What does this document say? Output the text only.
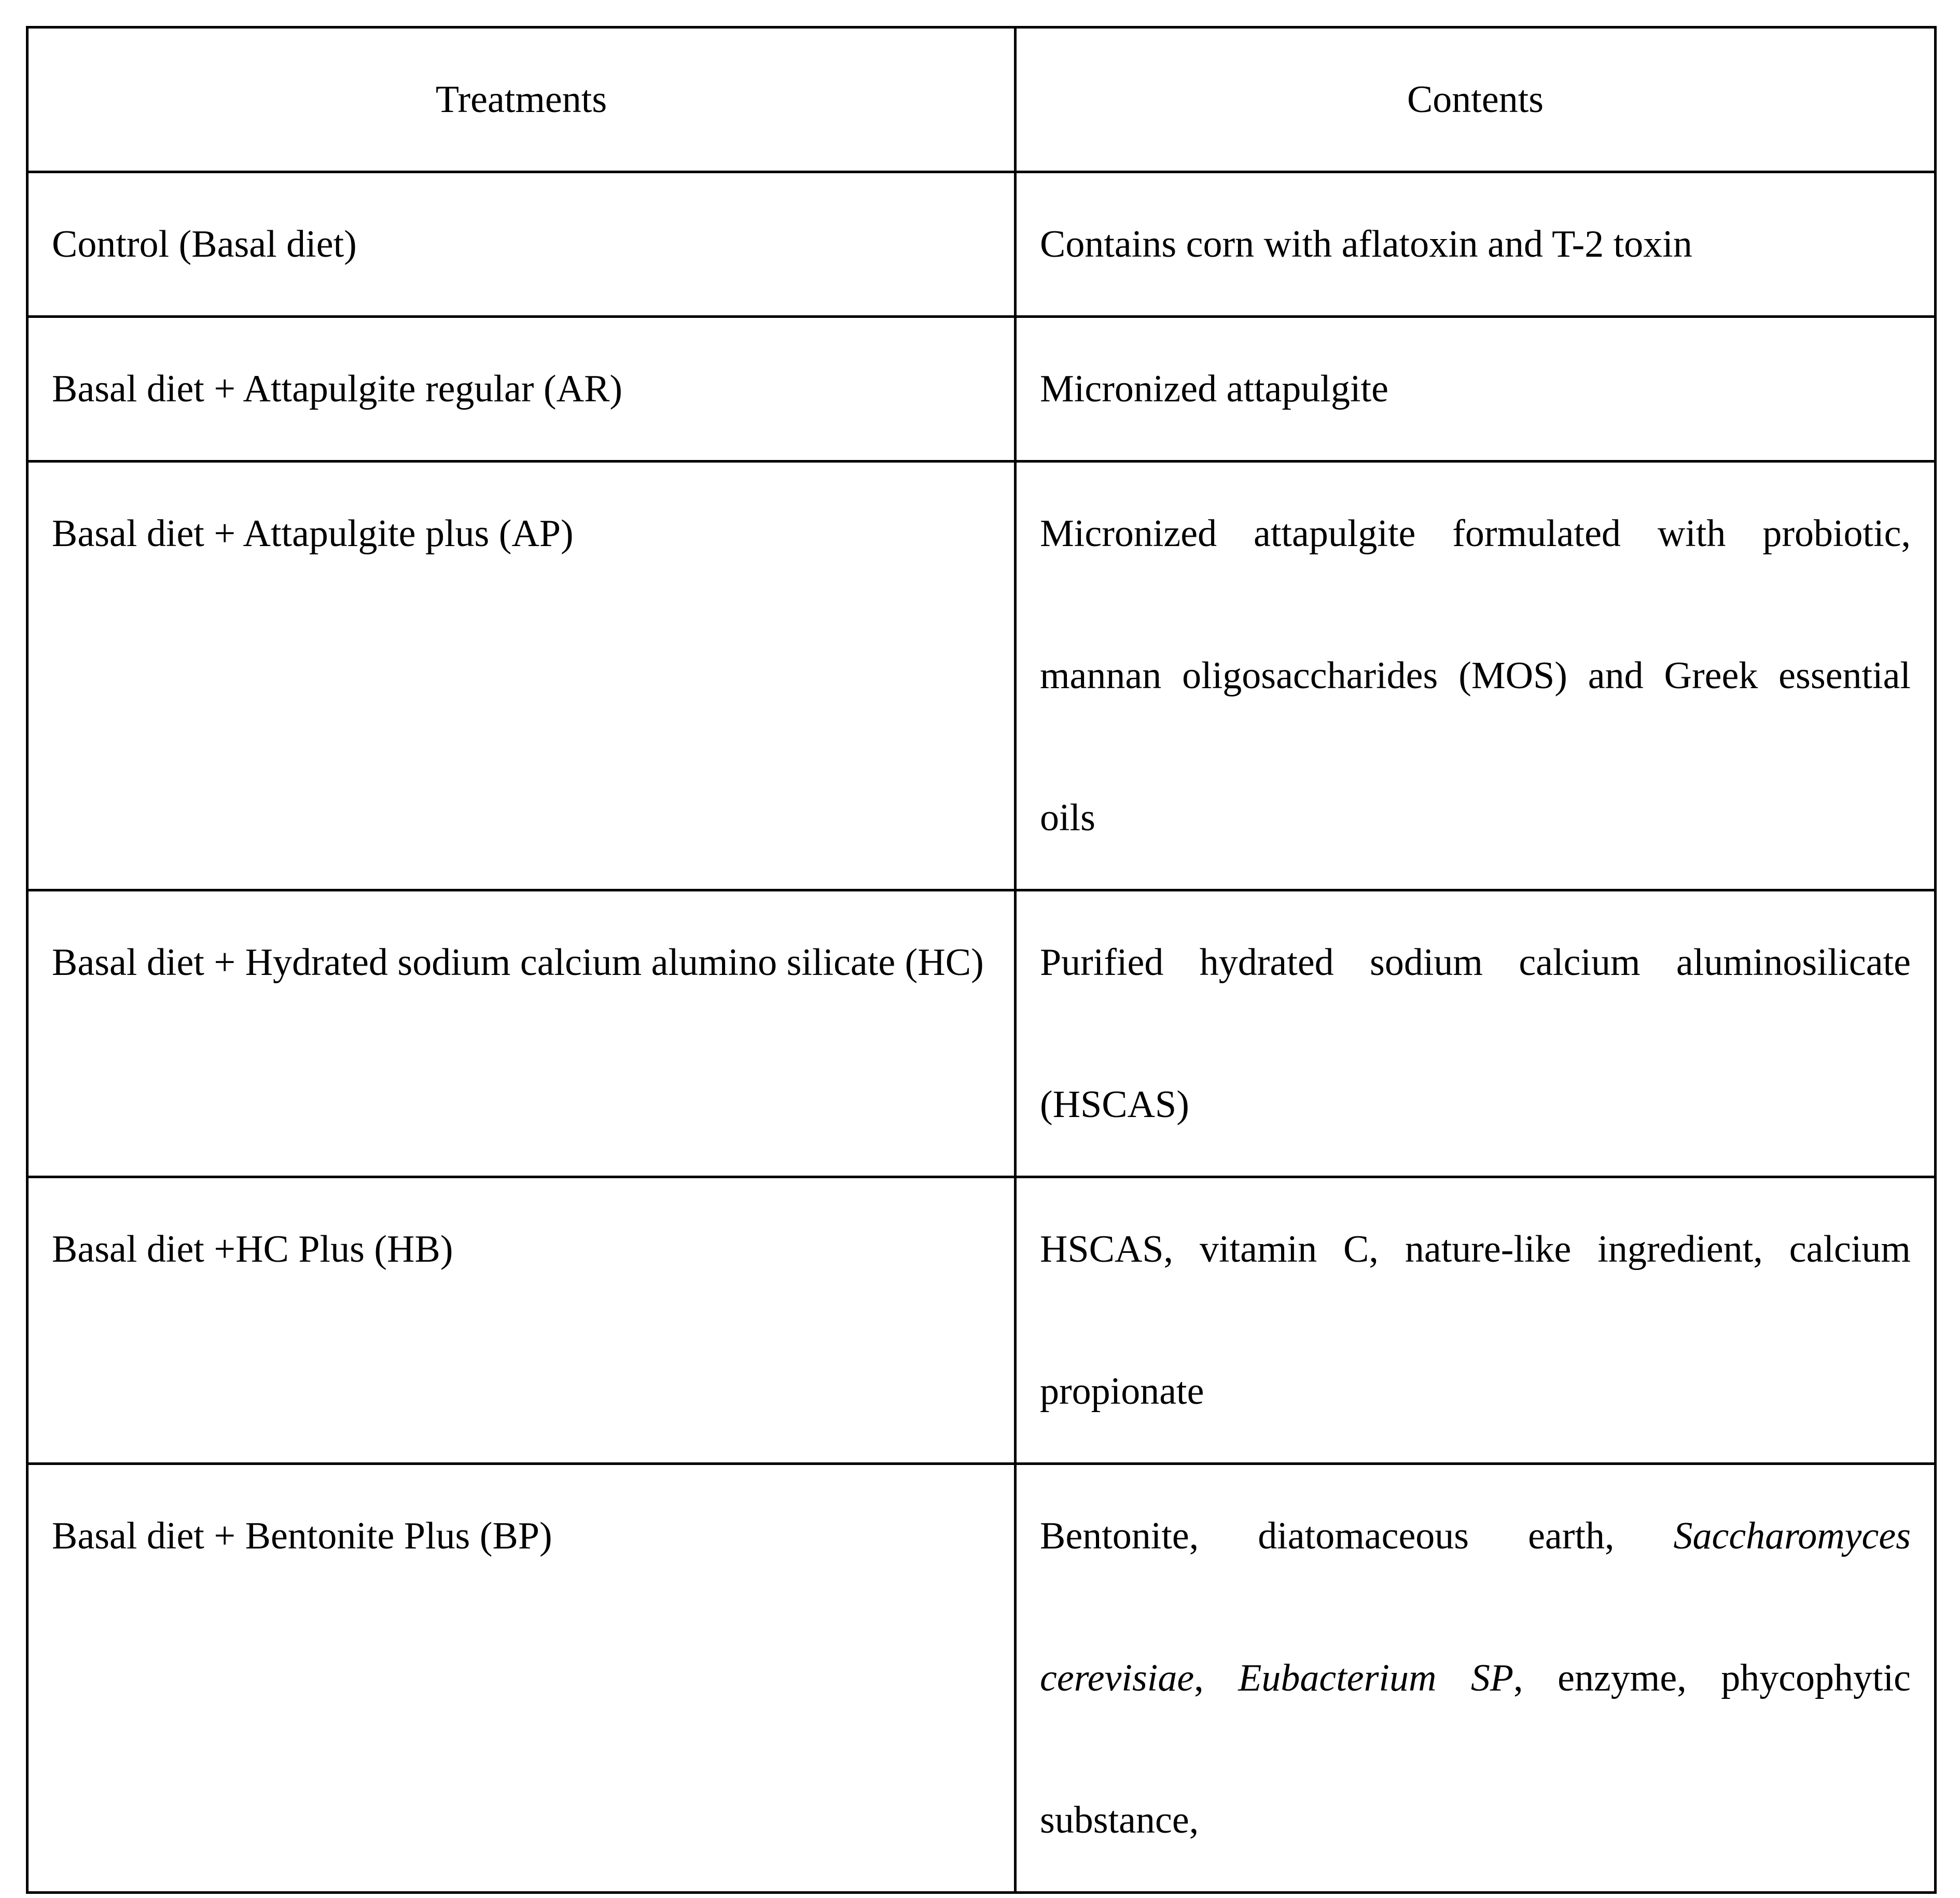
Treatments	Contents
Control (Basal diet)	Contains corn with aflatoxin and T-2 toxin
Basal diet + Attapulgite regular (AR)	Micronized attapulgite
Basal diet + Attapulgite plus (AP)	Micronized attapulgite formulated with probiotic, mannan oligosaccharides (MOS) and Greek essential oils
Basal diet + Hydrated sodium calcium alumino silicate (HC)	Purified hydrated sodium calcium aluminosilicate (HSCAS)
Basal diet +HC Plus (HB)	HSCAS, vitamin C, nature-like ingredient, calcium propionate
Basal diet + Bentonite Plus (BP)	Bentonite, diatomaceous earth, Saccharomyces cerevisiae, Eubacterium SP, enzyme, phycophytic substance,
